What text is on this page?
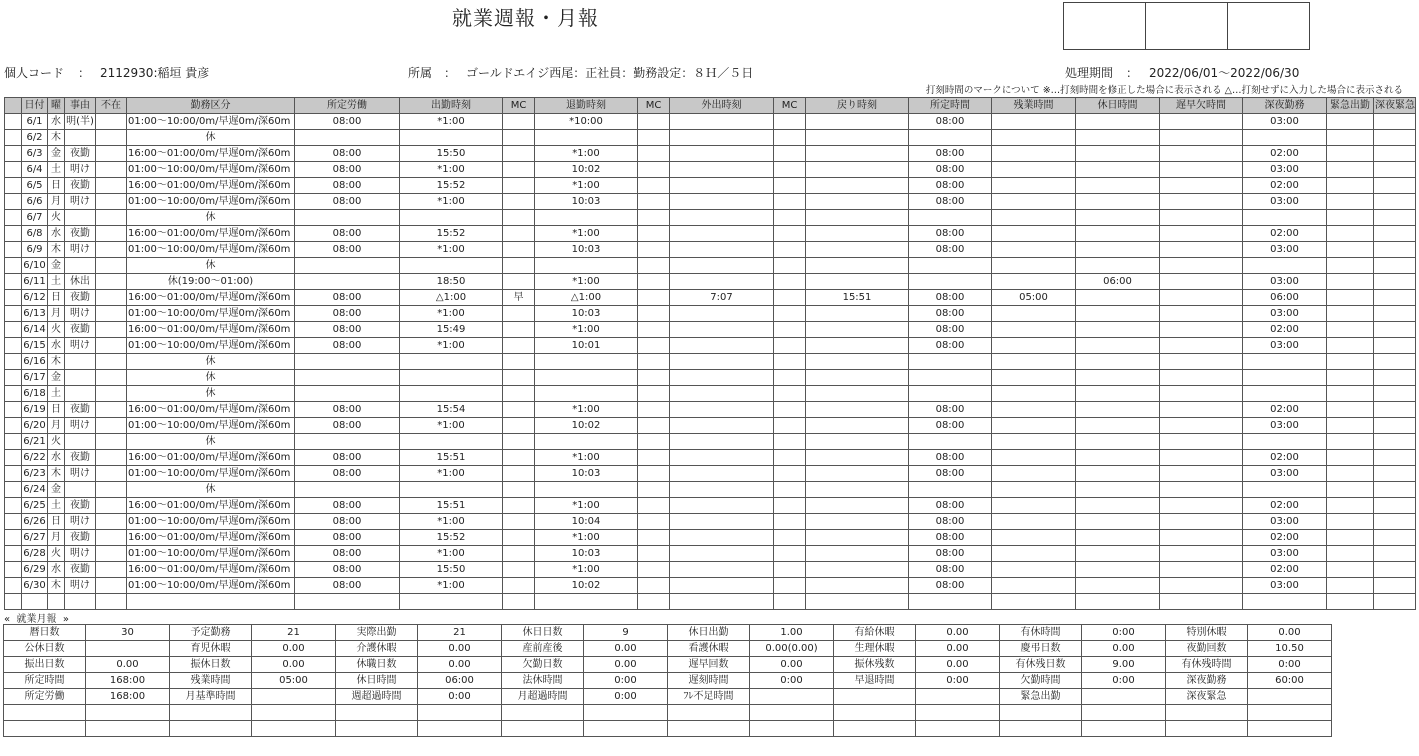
就業週報・月報

個人コード ： 2112930:稲垣 貴彦	所属 ： ゴールドエイジ西尾：正社員：勤務設定：８Ｈ／５日	処理期間 ： 2022/06/01～2022/06/30
打刻時間のマークについて ※…打刻時間を修正した場合に表示される △…打刻せずに入力した場合に表示される
	日付	曜	事由	不在	勤務区分	所定労働	出勤時刻	MC	退勤時刻	MC	外出時刻	MC	戻り時刻	所定時間	残業時間	休日時間	遅早欠時間	深夜勤務	緊急出勤	深夜緊急
	6/1	水	明(半)		01:00～10:00/0m/早遅0m/深60m	08:00	*1:00		*10:00					08:00				03:00		
	6/2	木			休															
	6/3	金	夜勤		16:00～01:00/0m/早遅0m/深60m	08:00	15:50		*1:00					08:00				02:00		
	6/4	土	明け		01:00～10:00/0m/早遅0m/深60m	08:00	*1:00		10:02					08:00				03:00		
	6/5	日	夜勤		16:00～01:00/0m/早遅0m/深60m	08:00	15:52		*1:00					08:00				02:00		
	6/6	月	明け		01:00～10:00/0m/早遅0m/深60m	08:00	*1:00		10:03					08:00				03:00		
	6/7	火			休															
	6/8	水	夜勤		16:00～01:00/0m/早遅0m/深60m	08:00	15:52		*1:00					08:00				02:00		
	6/9	木	明け		01:00～10:00/0m/早遅0m/深60m	08:00	*1:00		10:03					08:00				03:00		
	6/10	金			休															
	6/11	土	休出		休(19:00～01:00)		18:50		*1:00							06:00		03:00		
	6/12	日	夜勤		16:00～01:00/0m/早遅0m/深60m	08:00	△1:00	早	△1:00		7:07		15:51	08:00	05:00			06:00		
	6/13	月	明け		01:00～10:00/0m/早遅0m/深60m	08:00	*1:00		10:03					08:00				03:00		
	6/14	火	夜勤		16:00～01:00/0m/早遅0m/深60m	08:00	15:49		*1:00					08:00				02:00		
	6/15	水	明け		01:00～10:00/0m/早遅0m/深60m	08:00	*1:00		10:01					08:00				03:00		
	6/16	木			休															
	6/17	金			休															
	6/18	土			休															
	6/19	日	夜勤		16:00～01:00/0m/早遅0m/深60m	08:00	15:54		*1:00					08:00				02:00		
	6/20	月	明け		01:00～10:00/0m/早遅0m/深60m	08:00	*1:00		10:02					08:00				03:00		
	6/21	火			休															
	6/22	水	夜勤		16:00～01:00/0m/早遅0m/深60m	08:00	15:51		*1:00					08:00				02:00		
	6/23	木	明け		01:00～10:00/0m/早遅0m/深60m	08:00	*1:00		10:03					08:00				03:00		
	6/24	金			休															
	6/25	土	夜勤		16:00～01:00/0m/早遅0m/深60m	08:00	15:51		*1:00					08:00				02:00		
	6/26	日	明け		01:00～10:00/0m/早遅0m/深60m	08:00	*1:00		10:04					08:00				03:00		
	6/27	月	夜勤		16:00～01:00/0m/早遅0m/深60m	08:00	15:52		*1:00					08:00				02:00		
	6/28	火	明け		01:00～10:00/0m/早遅0m/深60m	08:00	*1:00		10:03					08:00				03:00		
	6/29	水	夜勤		16:00～01:00/0m/早遅0m/深60m	08:00	15:50		*1:00					08:00				02:00		
	6/30	木	明け		01:00～10:00/0m/早遅0m/深60m	08:00	*1:00		10:02					08:00				03:00		

«  就業月報  »
暦日数	30	予定勤務	21	実際出勤	21	休日日数	9	休日出勤	1.00	有給休暇	0.00	有休時間	0:00	特別休暇	0.00
公休日数		育児休暇	0.00	介護休暇	0.00	産前産後	0.00	看護休暇	0.00(0.00)	生理休暇	0.00	慶弔日数	0.00	夜勤回数	10.50
振出日数	0.00	振休日数	0.00	休職日数	0.00	欠勤日数	0.00	遅早回数	0.00	振休残数	0.00	有休残日数	9.00	有休残時間	0:00
所定時間	168:00	残業時間	05:00	休日時間	06:00	法休時間	0:00	遅刻時間	0:00	早退時間	0:00	欠勤時間	0:00	深夜勤務	60:00
所定労働	168:00	月基準時間		週超過時間	0:00	月超過時間	0:00	ﾌﾚ不足時間				緊急出勤		深夜緊急	
